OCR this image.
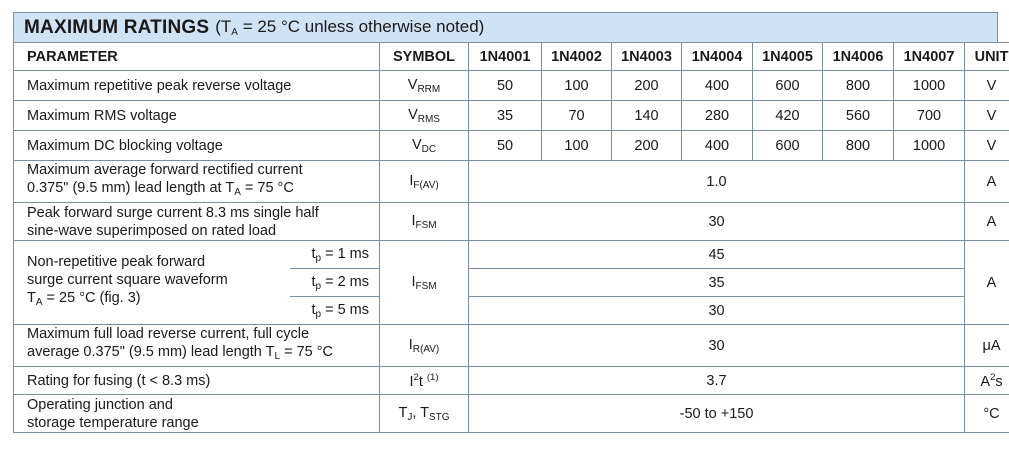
MAXIMUM RATINGS ($T_A = 25$ °C unless otherwise noted)
PARAMETER		SYMBOL	1N4001	1N4002	1N4003	1N4004	1N4005	1N4006	1N4007	UNIT
Maximum repetitive peak reverse voltage		$V_{RRM}$	50	100	200	400	600	800	1000	V
Maximum RMS voltage		$V_{RMS}$	35	70	140	280	420	560	700	V
Maximum DC blocking voltage		$V_{DC}$	50	100	200	400	600	800	1000	V

Maximum average forward rectified current
0.375" (9.5 mm) lead length at $T_A = 75$ °C		$I_{F(AV)}$	1.0							A

Peak forward surge current 8.3 ms single half
sine-wave superimposed on rated load		$I_{FSM}$	30							A

Non-repetitive peak forward
surge current square waveform
$T_A = 25$ °C (fig. 3)	$t_p = 1$ ms	$I_{FSM}$	45							A
	$t_p = 2$ ms		35							
	$t_p = 5$ ms		30							

Maximum full load reverse current, full cycle
average 0.375" (9.5 mm) lead length $T_L = 75$ °C		$I_{R(AV)}$	30							μA
Rating for fusing (t < 8.3 ms)		$I^2t$ $^{(1)}$	3.7							$A^2s$

Operating junction and
storage temperature range		$T_J$, $T_{STG}$	-50 to +150							°C
